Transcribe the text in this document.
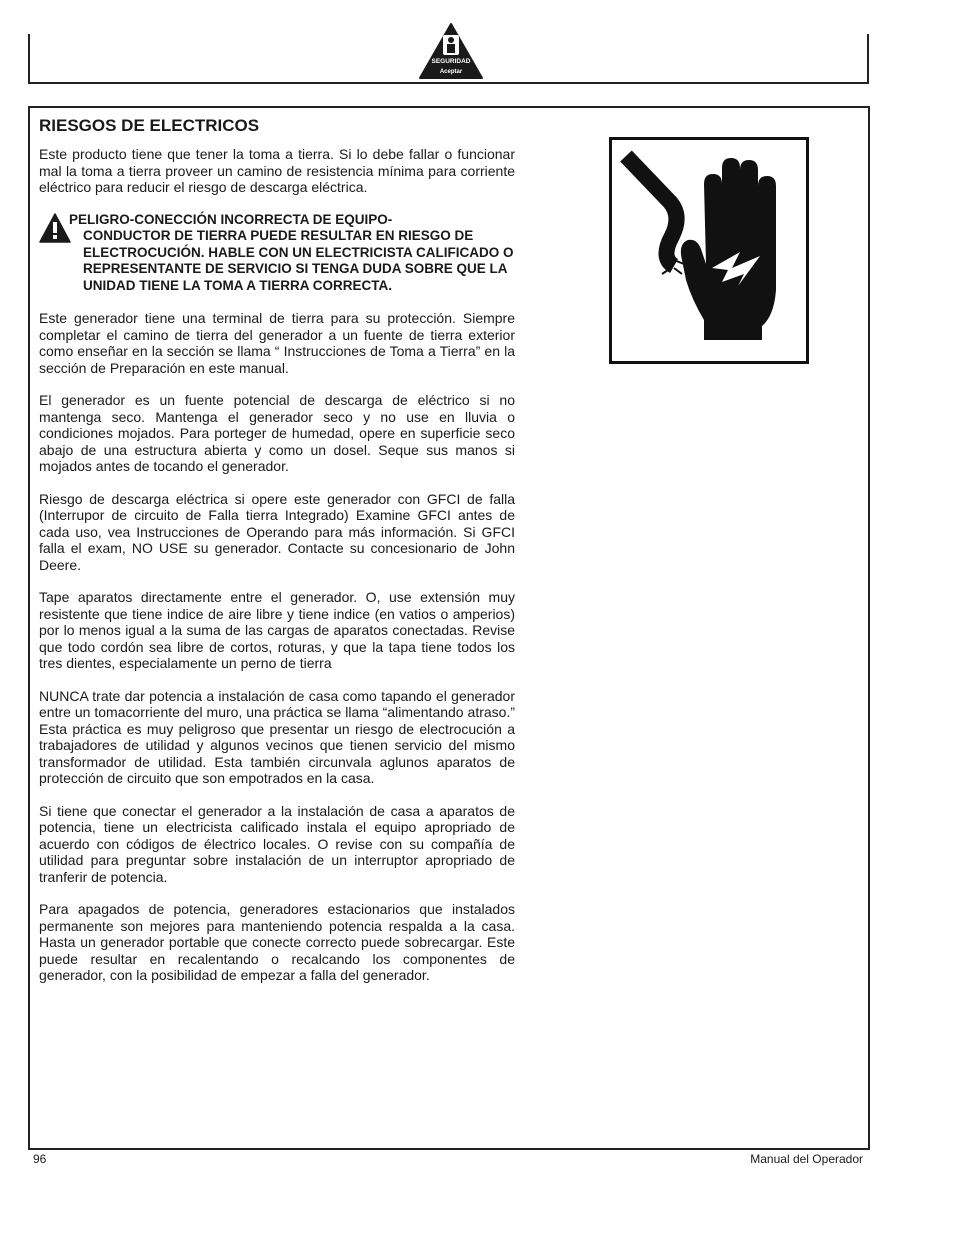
SEGURIDAD
Aceptar
RIESGOS DE ELECTRICOS

Este producto tiene que tener la toma a tierra. Si lo debe fallar o funcionar mal la toma a tierra proveer un camino de resistencia mínima para corriente eléctrico para reducir el riesgo de descarga eléctrica.

PELIGRO-CONECCIÓN INCORRECTA DE EQUIPO-
CONDUCTOR DE TIERRA PUEDE RESULTAR EN RIESGO DE ELECTROCUCIÓN. HABLE CON UN ELECTRICISTA CALIFICADO O REPRESENTANTE DE SERVICIO SI TENGA DUDA SOBRE QUE LA UNIDAD TIENE LA TOMA A TIERRA CORRECTA.

Este generador tiene una terminal de tierra para su protección. Siempre completar el camino de tierra del generador a un fuente de tierra exterior como enseñar en la sección se llama “ Instrucciones de Toma a Tierra” en la sección de Preparación en este manual.

El generador es un fuente potencial de descarga de eléctrico si no mantenga seco. Mantenga el generador seco y no use en lluvia o condiciones mojados. Para porteger de humedad, opere en superficie seco abajo de una estructura abierta y como un dosel. Seque sus manos si mojados antes de tocando el generador.

Riesgo de descarga eléctrica si opere este generador con GFCI de falla (Interrupor de circuito de Falla tierra Integrado) Examine GFCI antes de cada uso, vea Instrucciones de Operando para más información. Si GFCI falla el exam, NO USE su generador. Contacte su concesionario de John Deere.

Tape aparatos directamente entre el generador. O, use extensión muy resistente que tiene indice de aire libre y tiene indice (en vatios o amperios) por lo menos igual a la suma de las cargas de aparatos conectadas. Revise que todo cordón sea libre de cortos, roturas, y que la tapa tiene todos los tres dientes, especialamente un perno de tierra

NUNCA trate dar potencia a instalación de casa como tapando el generador entre un tomacorriente del muro, una práctica se llama “alimentando atraso.” Esta práctica es muy peligroso que presentar un riesgo de electrocución a trabajadores de utilidad y algunos vecinos que tienen servicio del mismo transformador de utilidad. Esta también circunvala aglunos aparatos de protección de circuito que son empotrados en la casa.

Si tiene que conectar el generador a la instalación de casa a aparatos de potencia, tiene un electricista calificado instala el equipo apropriado de acuerdo con códigos de électrico locales. O revise con su compañía de utilidad para preguntar sobre instalación de un interruptor apropriado de tranferir de potencia.

Para apagados de potencia, generadores estacionarios que instalados permanente son mejores para manteniendo potencia respalda a la casa. Hasta un generador portable que conecte correcto puede sobrecargar. Este puede resultar en recalentando o recalcando los componentes de generador, con la posibilidad de empezar a falla del generador.

96	Manual del Operador
